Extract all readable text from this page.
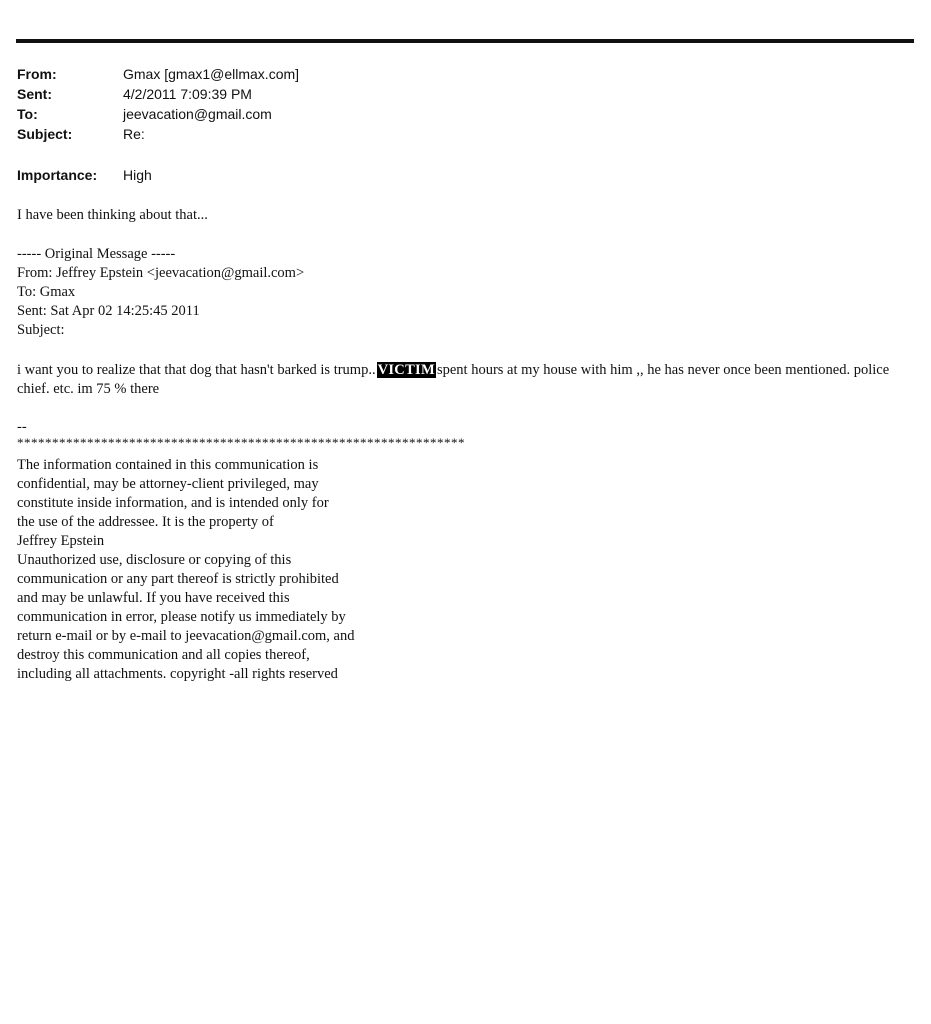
From:	Gmax [gmax1@ellmax.com]
Sent:	4/2/2011 7:09:39 PM
To:	jeevacation@gmail.com
Subject:	Re:
Importance:	High
I have been thinking about that...
----- Original Message -----
From: Jeffrey Epstein <jeevacation@gmail.com>
To: Gmax
Sent: Sat Apr 02 14:25:45 2011
Subject:
i want you to realize that that dog that hasn't barked is trump.. VICTIM spent hours at my house with him ,, he has never once been mentioned. police chief. etc. im 75 % there
--
****************************************************************
The information contained in this communication is
confidential, may be attorney-client privileged, may
constitute inside information, and is intended only for
the use of the addressee. It is the property of
Jeffrey Epstein
Unauthorized use, disclosure or copying of this
communication or any part thereof is strictly prohibited
and may be unlawful. If you have received this
communication in error, please notify us immediately by
return e-mail or by e-mail to jeevacation@gmail.com, and
destroy this communication and all copies thereof,
including all attachments. copyright -all rights reserved
